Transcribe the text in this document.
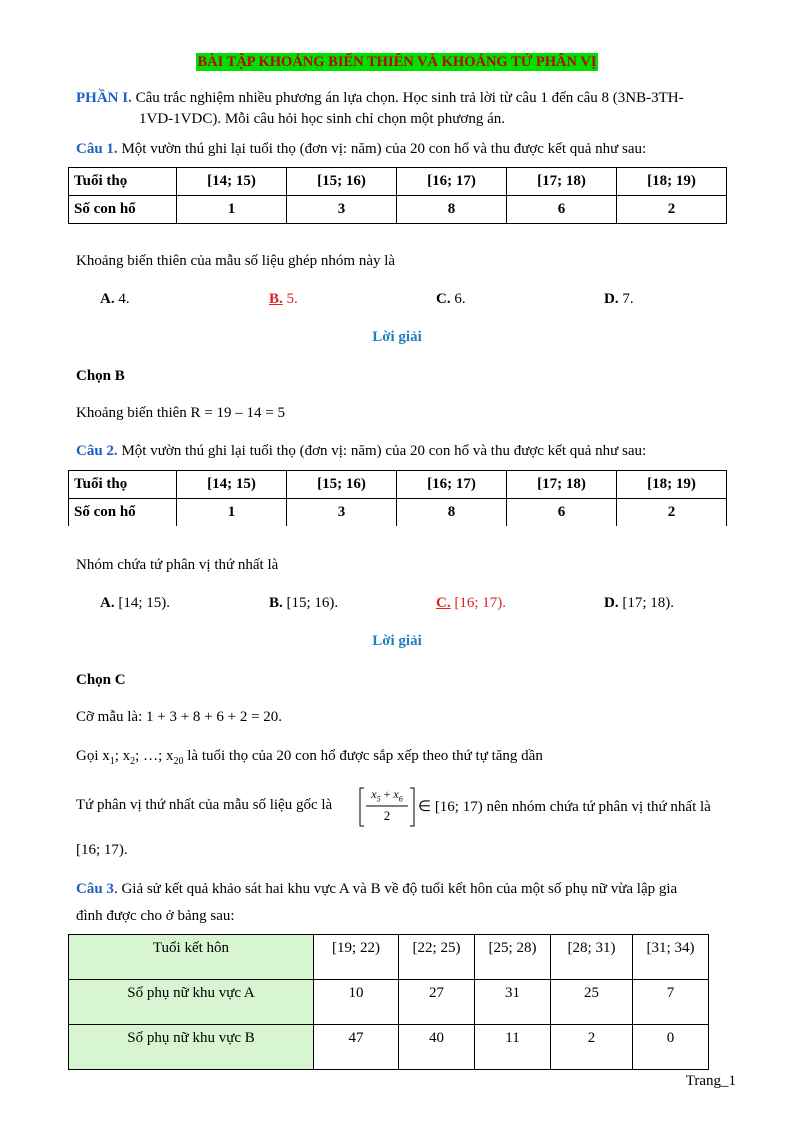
BÀI TẬP KHOẢNG BIẾN THIÊN VÀ KHOẢNG TỨ PHÂN VỊ
PHẦN I. Câu trắc nghiệm nhiều phương án lựa chọn. Học sinh trả lời từ câu 1 đến câu 8 (3NB-3TH-
1VD-1VDC). Mỗi câu hỏi học sinh chỉ chọn một phương án.
Câu 1. Một vườn thú ghi lại tuổi thọ (đơn vị: năm) của 20 con hổ và thu được kết quả như sau:
Tuổi thọ	[14; 15)	[15; 16)	[16; 17)	[17; 18)	[18; 19)
Số con hổ	1	3	8	6	2
Khoảng biến thiên của mẫu số liệu ghép nhóm này là
A. 4.	B. 5.	C. 6.	D. 7.
Lời giải
Chọn B
Khoảng biến thiên R = 19 – 14 = 5
Câu 2. Một vườn thú ghi lại tuổi thọ (đơn vị: năm) của 20 con hổ và thu được kết quả như sau:
Tuổi thọ	[14; 15)	[15; 16)	[16; 17)	[17; 18)	[18; 19)
Số con hổ	1	3	8	6	2
Nhóm chứa tứ phân vị thứ nhất là
A. [14; 15).	B. [15; 16).	C. [16; 17).	D. [17; 18).
Lời giải
Chọn C
Cỡ mẫu là: 1 + 3 + 8 + 6 + 2 = 20.
Gọi $x_1$; $x_2$; …; $x_{20}$ là tuổi thọ của 20 con hổ được sắp xếp theo thứ tự tăng dần
Tứ phân vị thứ nhất của mẫu số liệu gốc là
$x_5 + x_6$
2
∈ [16; 17) nên nhóm chứa tứ phân vị thứ nhất là
[16; 17).
Câu 3. Giả sử kết quả khảo sát hai khu vực A và B về độ tuổi kết hôn của một số phụ nữ vừa lập gia
đình được cho ở bảng sau:
Tuổi kết hôn	[19; 22)	[22; 25)	[25; 28)	[28; 31)	[31; 34)
Số phụ nữ khu vực A	10	27	31	25	7
Số phụ nữ khu vực B	47	40	11	2	0
Trang_1
